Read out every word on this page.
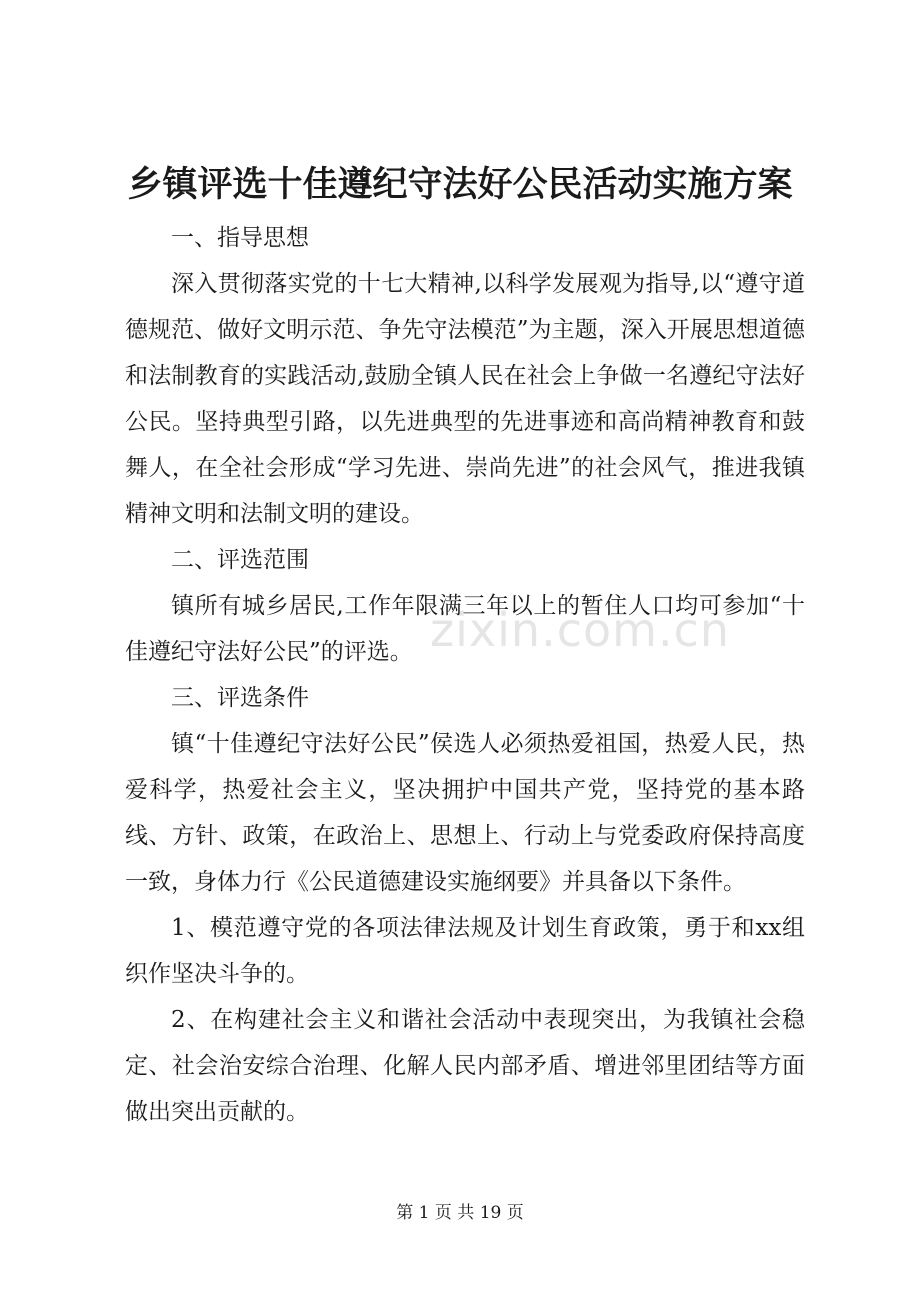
乡镇评选十佳遵纪守法好公民活动实施方案

一、指导思想

深入贯彻落实党的十七大精神,以科学发展观为指导,以“遵守道德规范、做好文明示范、争先守法模范”为主题，深入开展思想道德和法制教育的实践活动,鼓励全镇人民在社会上争做一名遵纪守法好公民。坚持典型引路，以先进典型的先进事迹和高尚精神教育和鼓舞人，在全社会形成“学习先进、崇尚先进”的社会风气，推进我镇精神文明和法制文明的建设。

二、评选范围

镇所有城乡居民,工作年限满三年以上的暂住人口均可参加“十佳遵纪守法好公民”的评选。

三、评选条件

镇“十佳遵纪守法好公民”侯选人必须热爱祖国，热爱人民，热爱科学，热爱社会主义，坚决拥护中国共产党，坚持党的基本路线、方针、政策，在政治上、思想上、行动上与党委政府保持高度一致，身体力行《公民道德建设实施纲要》并具备以下条件。

1、模范遵守党的各项法律法规及计划生育政策，勇于和xx组织作坚决斗争的。

2、在构建社会主义和谐社会活动中表现突出，为我镇社会稳定、社会治安综合治理、化解人民内部矛盾、增进邻里团结等方面做出突出贡献的。

zixin.com.cn
第 1 页 共 19 页
